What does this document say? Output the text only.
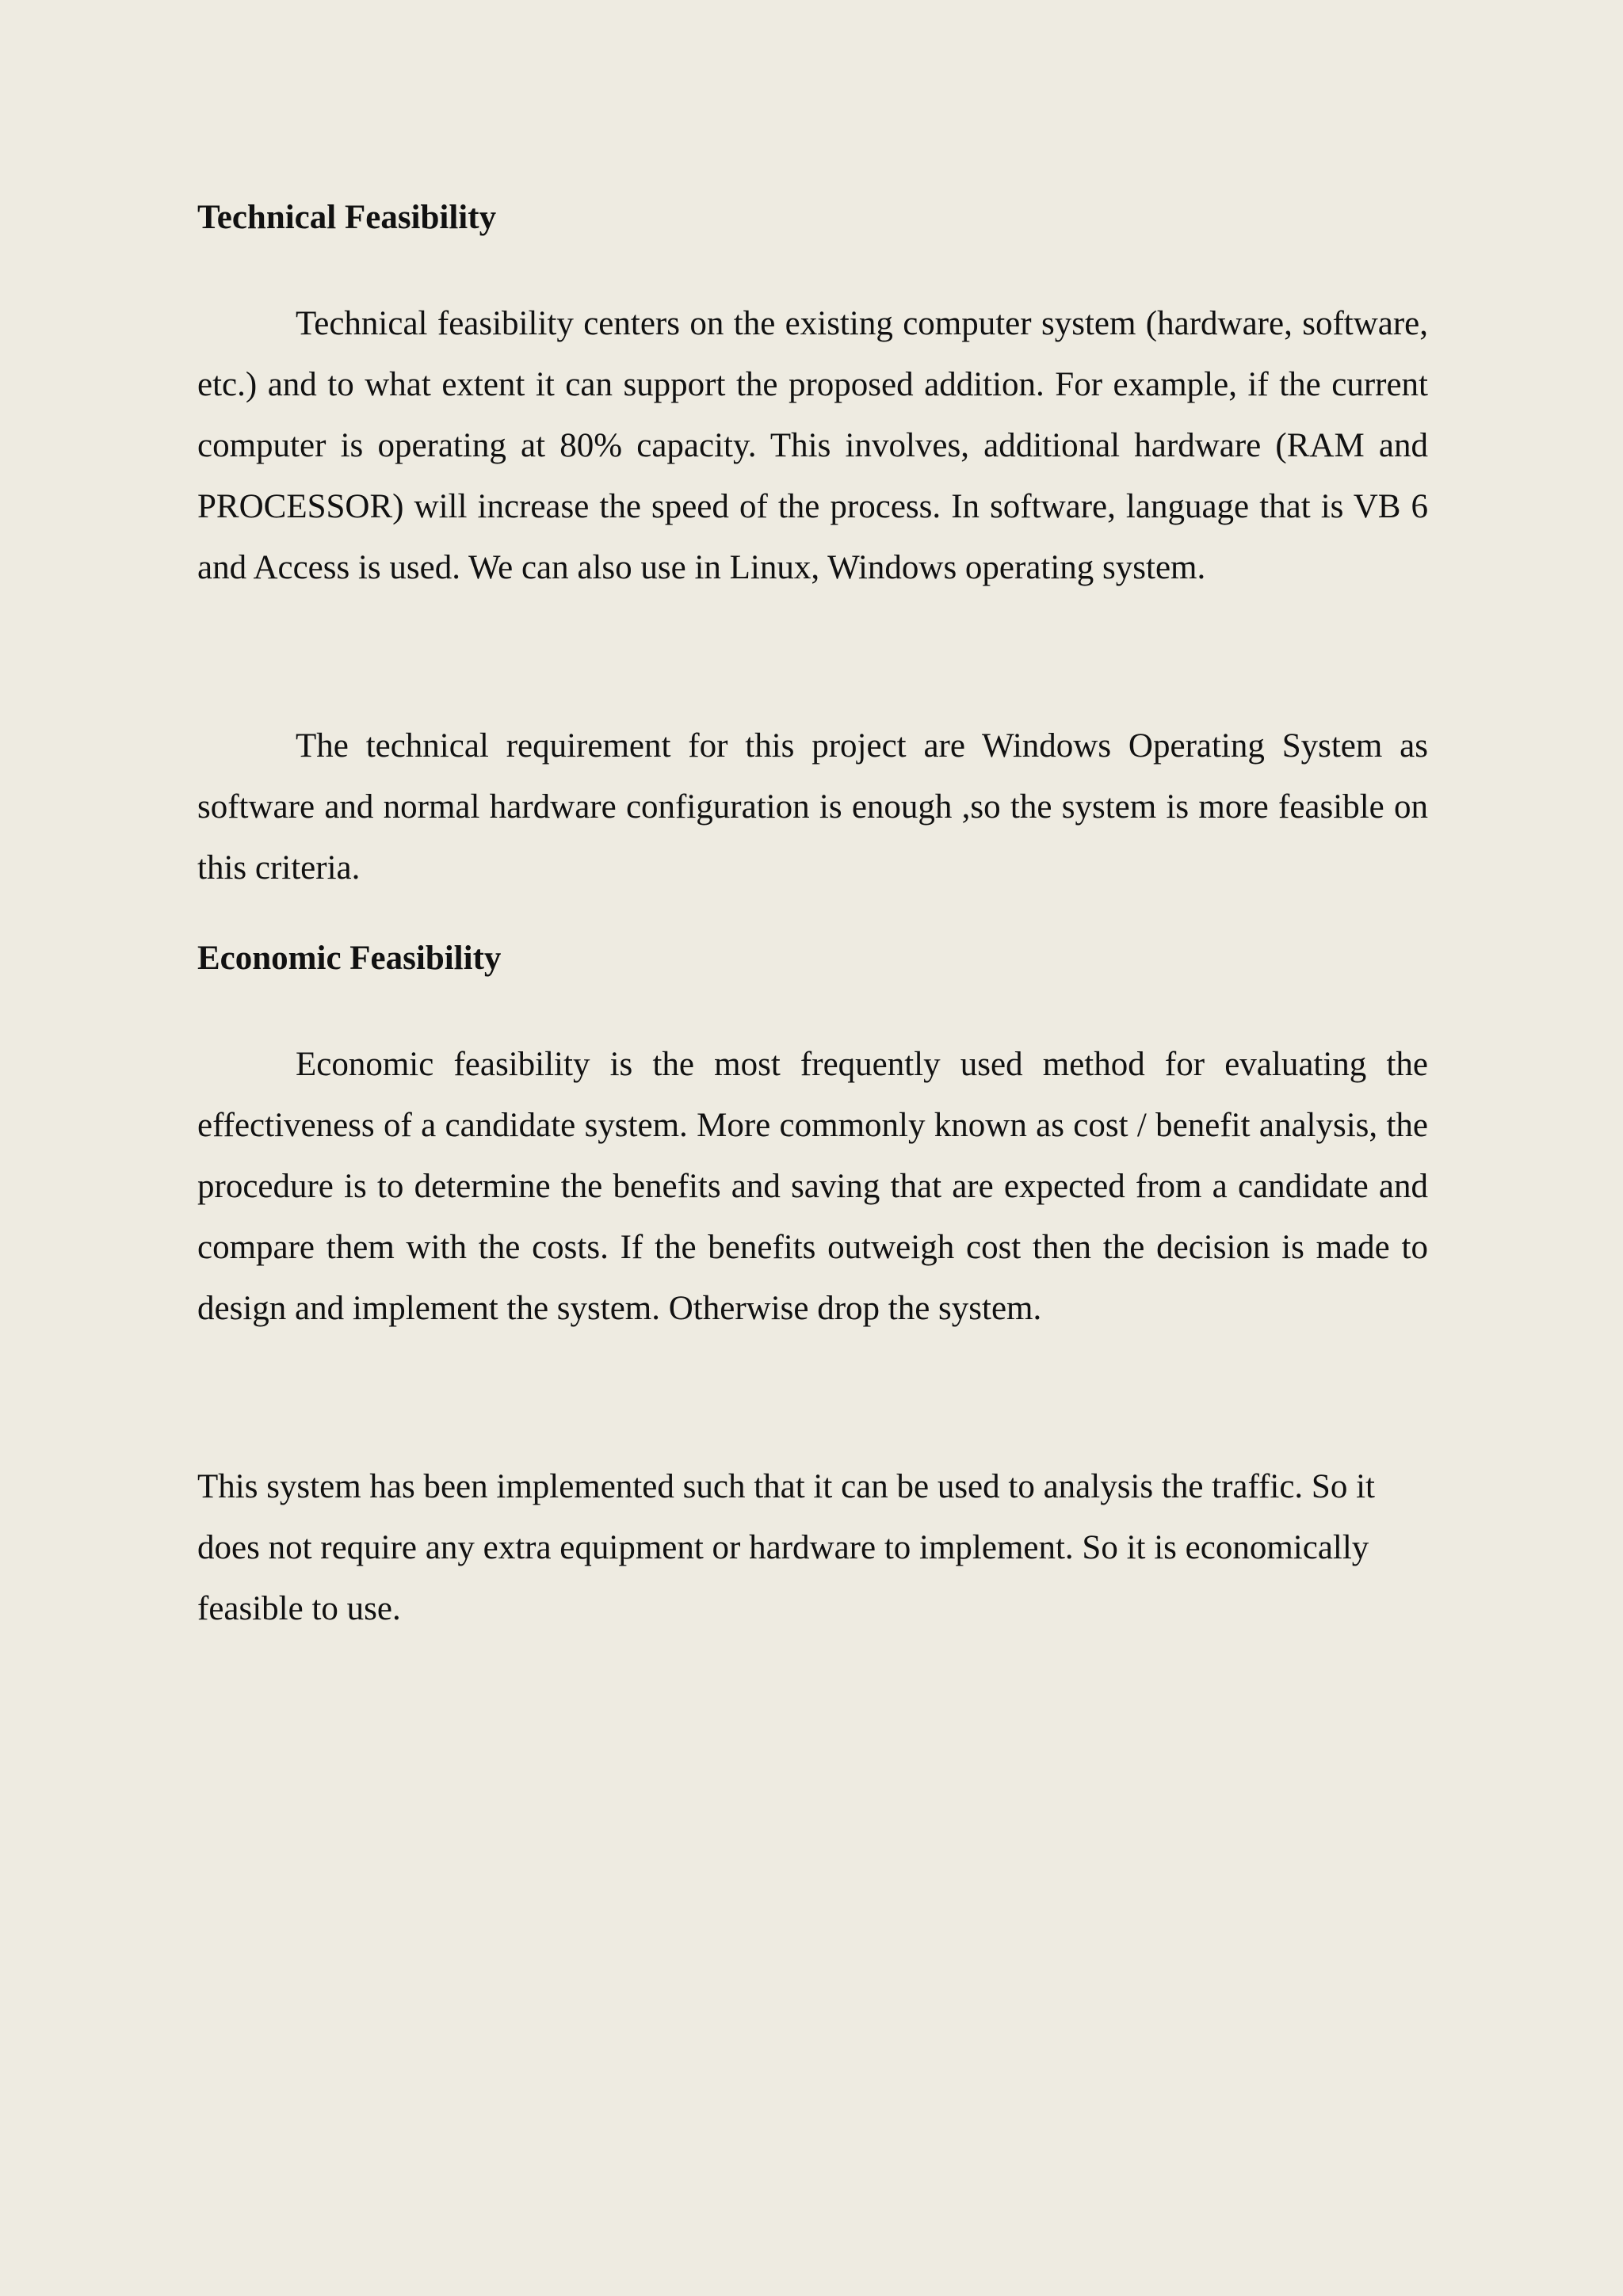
Technical Feasibility

Technical feasibility centers on the existing computer system (hardware, software, etc.) and to what extent it can support the proposed addition. For example, if the current computer is operating at 80% capacity. This involves, additional hardware (RAM and PROCESSOR) will increase the speed of the process. In software, language that is VB 6 and Access is used. We can also use in Linux, Windows operating system.

The technical requirement for this project are Windows Operating System as software and normal hardware configuration is enough ,so the system is more feasible on this criteria.

Economic Feasibility

Economic feasibility is the most frequently used method for evaluating the effectiveness of a candidate system. More commonly known as cost / benefit analysis, the procedure is to determine the benefits and saving that are expected from a candidate and compare them with the costs. If the benefits outweigh cost then the decision is made to design and implement the system. Otherwise drop the system.

This system has been implemented such that it can be used to analysis the traffic. So it does not require any extra equipment or hardware to implement. So it is economically feasible to use.
